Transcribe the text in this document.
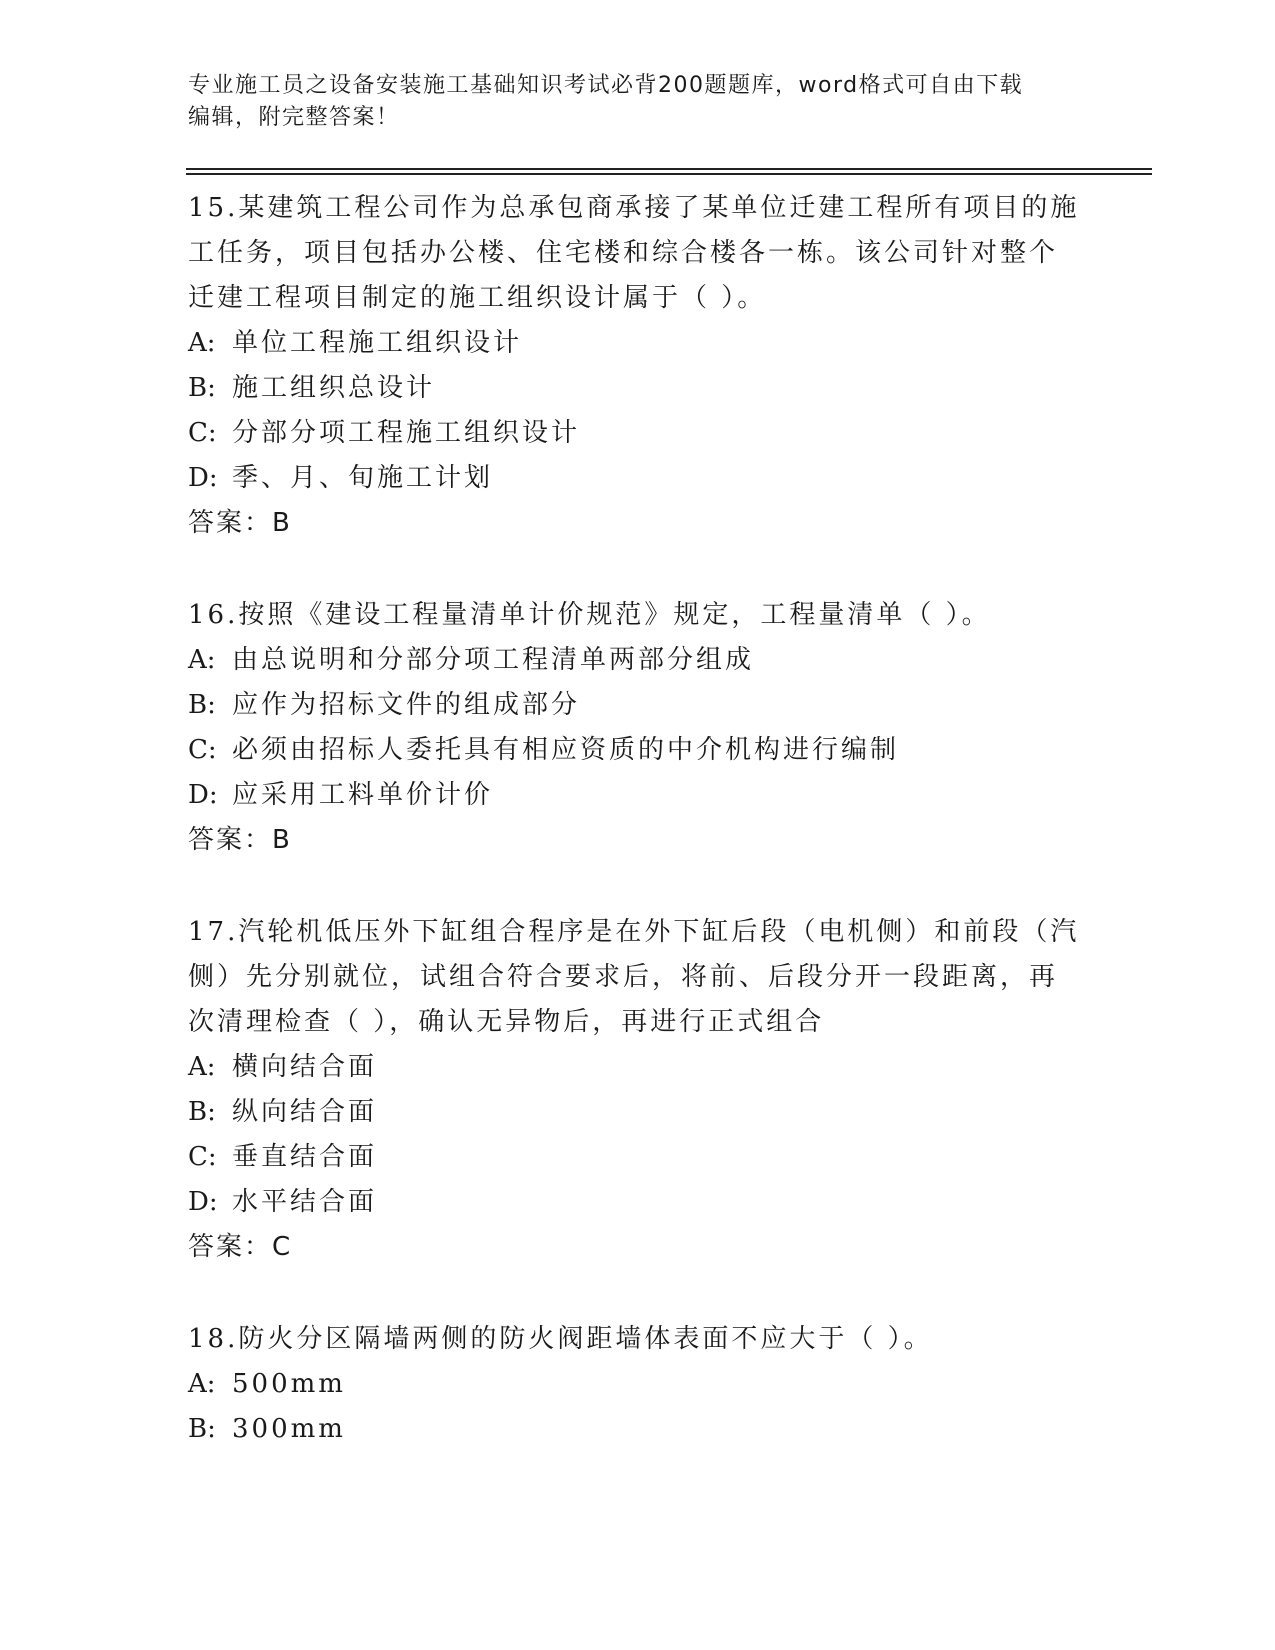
专业施工员之设备安装施工基础知识考试必背200题题库，word格式可自由下载
编辑，附完整答案！

15.某建筑工程公司作为总承包商承接了某单位迁建工程所有项目的施

工任务，项目包括办公楼、住宅楼和综合楼各一栋。该公司针对整个

迁建工程项目制定的施工组织设计属于（ ）。

A: 单位工程施工组织设计

B: 施工组织总设计

C: 分部分项工程施工组织设计

D: 季、月、旬施工计划

答案：B

16.按照《建设工程量清单计价规范》规定，工程量清单（ ）。

A: 由总说明和分部分项工程清单两部分组成

B: 应作为招标文件的组成部分

C: 必须由招标人委托具有相应资质的中介机构进行编制

D: 应采用工料单价计价

答案：B

17.汽轮机低压外下缸组合程序是在外下缸后段（电机侧）和前段（汽

侧）先分别就位，试组合符合要求后，将前、后段分开一段距离，再

次清理检查（ ），确认无异物后，再进行正式组合

A: 横向结合面

B: 纵向结合面

C: 垂直结合面

D: 水平结合面

答案：C

18.防火分区隔墙两侧的防火阀距墙体表面不应大于（ ）。

A: 500mm

B: 300mm
